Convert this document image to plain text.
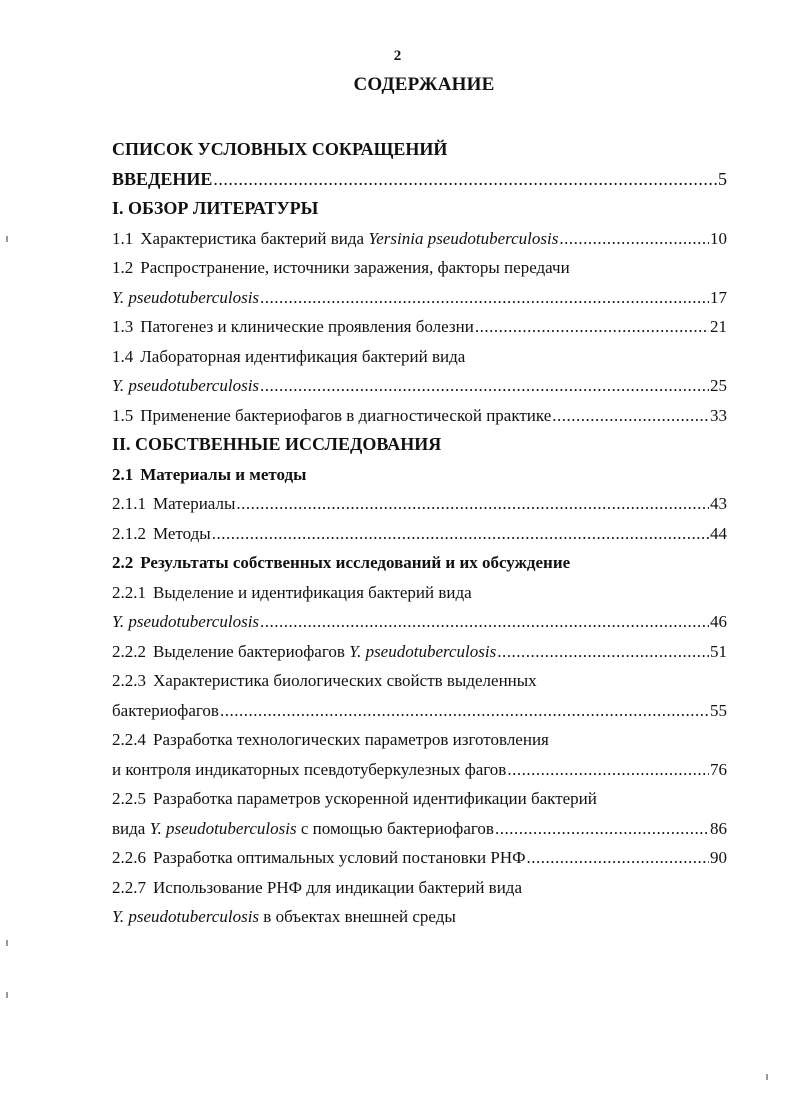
2
СОДЕРЖАНИЕ
СПИСОК УСЛОВНЫХ СОКРАЩЕНИЙ
ВВЕДЕНИЕ .....	5
I. ОБЗОР ЛИТЕРАТУРЫ
1.1 Характеристика бактерий вида Yersinia pseudotuberculosis .....	10
1.2 Распространение, источники заражения, факторы передачи
Y. pseudotuberculosis .....	17
1.3 Патогенез и клинические проявления болезни .....	21
1.4 Лабораторная идентификация бактерий вида
Y. pseudotuberculosis .....	25
1.5 Применение бактериофагов в диагностической практике .....	33
II. СОБСТВЕННЫЕ ИССЛЕДОВАНИЯ
2.1 Материалы и методы
2.1.1 Материалы .....	43
2.1.2 Методы .....	44
2.2 Результаты собственных исследований и их обсуждение
2.2.1 Выделение и идентификация бактерий вида
Y. pseudotuberculosis .....	46
2.2.2 Выделение бактериофагов Y. pseudotuberculosis .....	51
2.2.3 Характеристика биологических свойств выделенных
бактериофагов .....	55
2.2.4 Разработка технологических параметров изготовления
и контроля индикаторных псевдотуберкулезных фагов .....	76
2.2.5 Разработка параметров ускоренной идентификации бактерий
вида Y. pseudotuberculosis с помощью бактериофагов .....	86
2.2.6 Разработка оптимальных условий постановки РНФ .....	90
2.2.7 Использование РНФ для индикации бактерий вида
Y. pseudotuberculosis в объектах внешней среды
